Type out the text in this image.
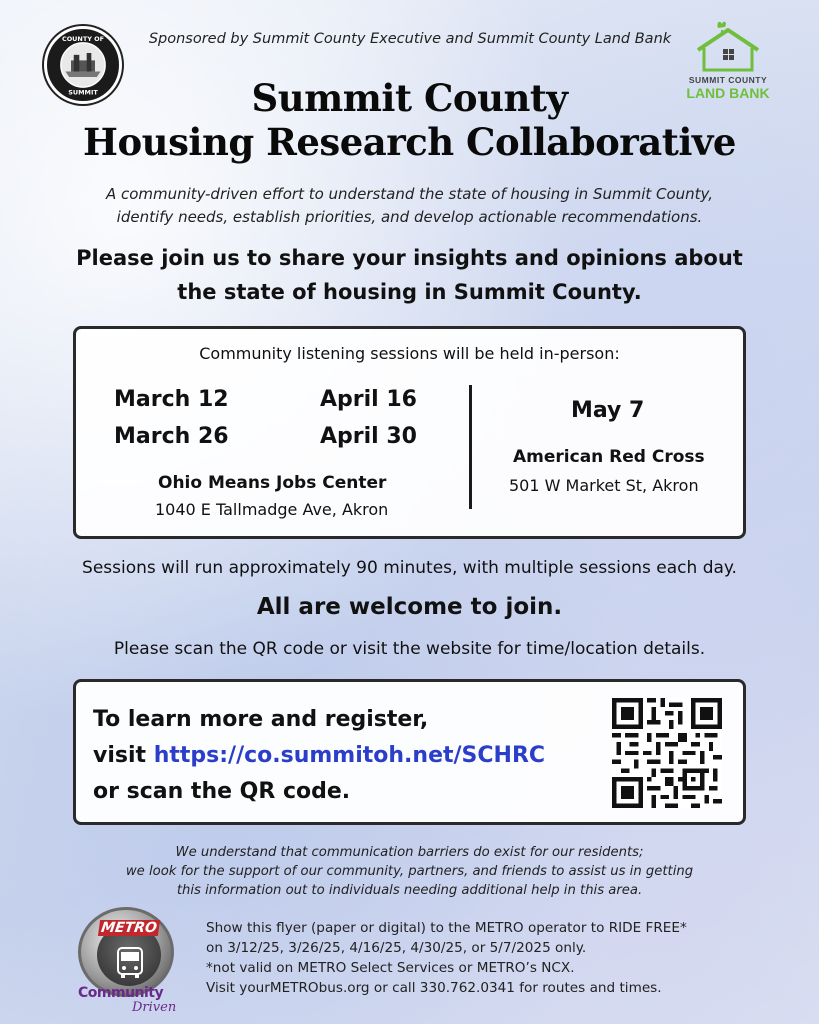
COUNTY OF
SUMMIT
SUMMIT COUNTY
LAND BANK
Sponsored by Summit County Executive and Summit County Land Bank
Summit County
Housing Research Collaborative
A community-driven effort to understand the state of housing in Summit County,
identify needs, establish priorities, and develop actionable recommendations.
Please join us to share your insights and opinions about
the state of housing in Summit County.
Community listening sessions will be held in-person:
March 12	April 16
March 26	April 30
Ohio Means Jobs Center
1040 E Tallmadge Ave, Akron
May 7
American Red Cross
501 W Market St, Akron
Sessions will run approximately 90 minutes, with multiple sessions each day.
All are welcome to join.
Please scan the QR code or visit the website for time/location details.
To learn more and register,
visit https://co.summitoh.net/SCHRC
or scan the QR code.
We understand that communication barriers do exist for our residents;
we look for the support of our community, partners, and friends to assist us in getting
this information out to individuals needing additional help in this area.
METRO
Community
Driven
Show this flyer (paper or digital) to the METRO operator to RIDE FREE*
on 3/12/25, 3/26/25, 4/16/25, 4/30/25, or 5/7/2025 only.
*not valid on METRO Select Services or METRO’s NCX.
Visit yourMETRObus.org or call 330.762.0341 for routes and times.
